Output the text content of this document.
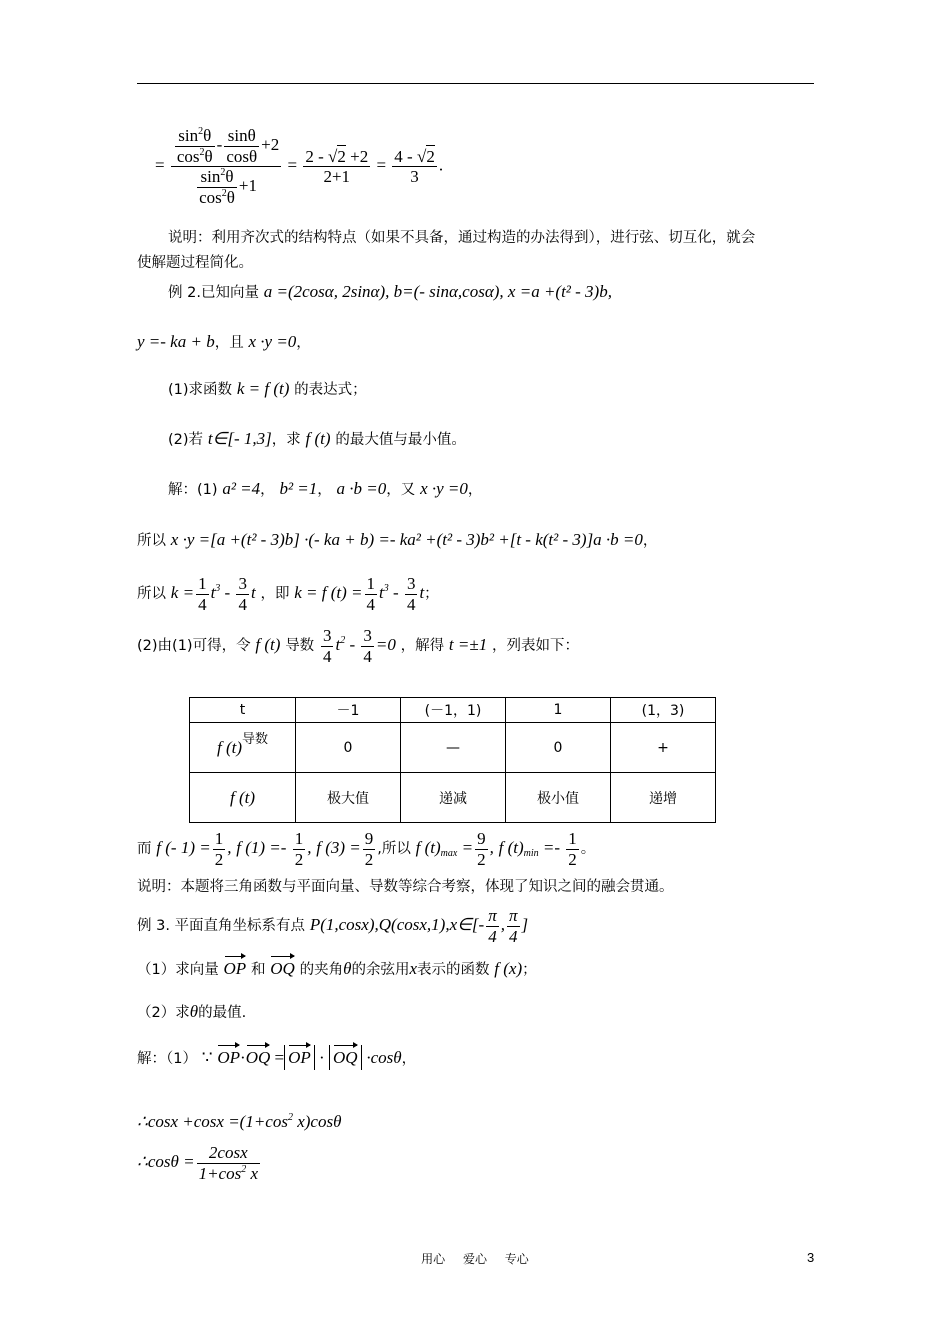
= $\frac{\frac{\sin^2\theta}{\cos^2\theta} - \frac{\sin\theta}{\cos\theta} +2}{\frac{\sin^2\theta}{\cos^2\theta} +1} = \frac{2 - √2 +2}{2+1} = \frac{4 - √2}{3}$ .
说明：利用齐次式的结构特点（如果不具备，通过构造的办法得到），进行弦、切互化，就会
使解题过程简化。
例 2.已知向量 a =(2cosα, 2sinα), b=(- sinα,cosα), x =a +(t² - 3)b,
y =- ka + b，且 x ·y =0，
(1)求函数 k = f (t) 的表达式；
(2)若 t∈[- 1,3]，求 f (t) 的最大值与最小值。
解：(1) a² =4， b² =1， a ·b =0，又 x ·y =0，
所以 x ·y =[a +(t² - 3)b] ·(- ka + b) =- ka² +(t² - 3)b² +[t - k(t² - 3)]a ·b =0，
所以 $k = \frac{1}{4} t^3 - \frac{3}{4}$ t ，即 k = f $(t) = \frac{1}{4} t^3 - \frac{3}{4}$ t；
(2)由(1)可得，令 f (t) 导数 $\frac{3}{4} t^2 - \frac{3}{4} =0$ ，解得 t =±1 ，列表如下：
t	－1	(－1，1)	1	(1，3)
f $(t)^{导数}$	0	—	0	+
f (t)	极大值	递减	极小值	递增
而 f (- $1) = \frac{1}{2}$ , f $(1) =- \frac{1}{2}$ , f $(3) = \frac{9}{2}$ ,所以 f $(t)_{max} = \frac{9}{2}$ , f $(t)_{min} =- \frac{1}{2}$ 。
说明：本题将三角函数与平面向量、导数等综合考察，体现了知识之间的融会贯通。
例 3. 平面直角坐标系有点 P(1,cosx),Q(cosx,1),x∈[- $\frac{\pi}{4}$ , $\frac{\pi}{4}$ ]
（1）求向量 OP 和 OQ 的夹角θ的余弦用x表示的函数 f (x)；
（2）求θ的最值.
解：（1） ∵ OP·OQ = OP · OQ ·cosθ，
∴cosx $+\cos x =(1+\cos^2$ x)cosθ
∴cosθ = $\frac{2\cos x}{1+\cos^2 x}$
用心 爱心 专心	3
